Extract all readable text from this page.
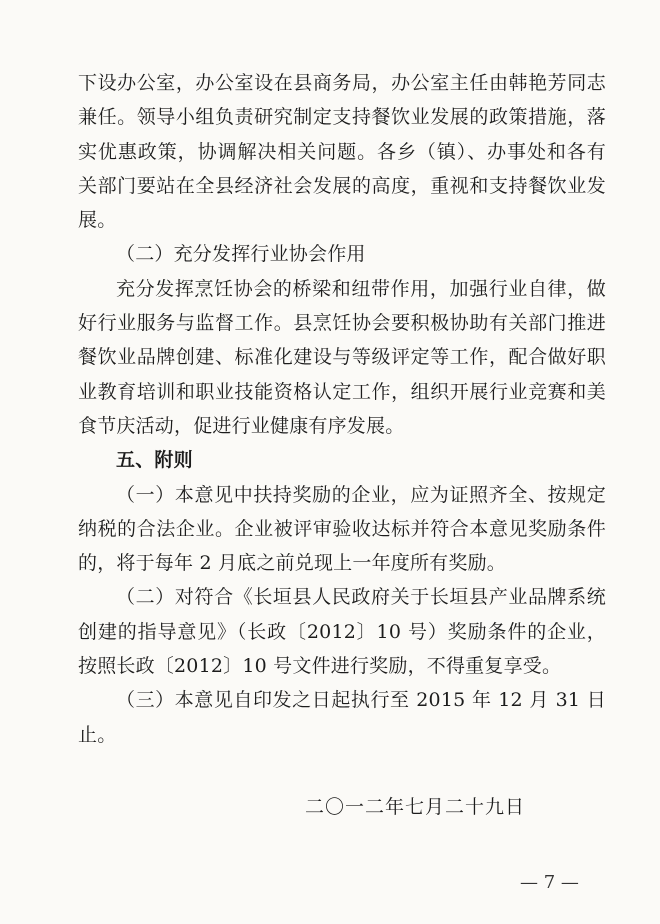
下设办公室，办公室设在县商务局，办公室主任由韩艳芳同志兼任。领导小组负责研究制定支持餐饮业发展的政策措施，落实优惠政策，协调解决相关问题。各乡（镇）、办事处和各有关部门要站在全县经济社会发展的高度，重视和支持餐饮业发展。

（二）充分发挥行业协会作用

充分发挥烹饪协会的桥梁和纽带作用，加强行业自律，做好行业服务与监督工作。县烹饪协会要积极协助有关部门推进餐饮业品牌创建、标准化建设与等级评定等工作，配合做好职业教育培训和职业技能资格认定工作，组织开展行业竞赛和美食节庆活动，促进行业健康有序发展。

五、附则

（一）本意见中扶持奖励的企业，应为证照齐全、按规定纳税的合法企业。企业被评审验收达标并符合本意见奖励条件的，将于每年 2 月底之前兑现上一年度所有奖励。

（二）对符合《长垣县人民政府关于长垣县产业品牌系统创建的指导意见》（长政〔2012〕10 号）奖励条件的企业，按照长政〔2012〕10 号文件进行奖励，不得重复享受。

（三）本意见自印发之日起执行至 2015 年 12 月 31 日止。

二〇一二年七月二十九日
— 7 —
